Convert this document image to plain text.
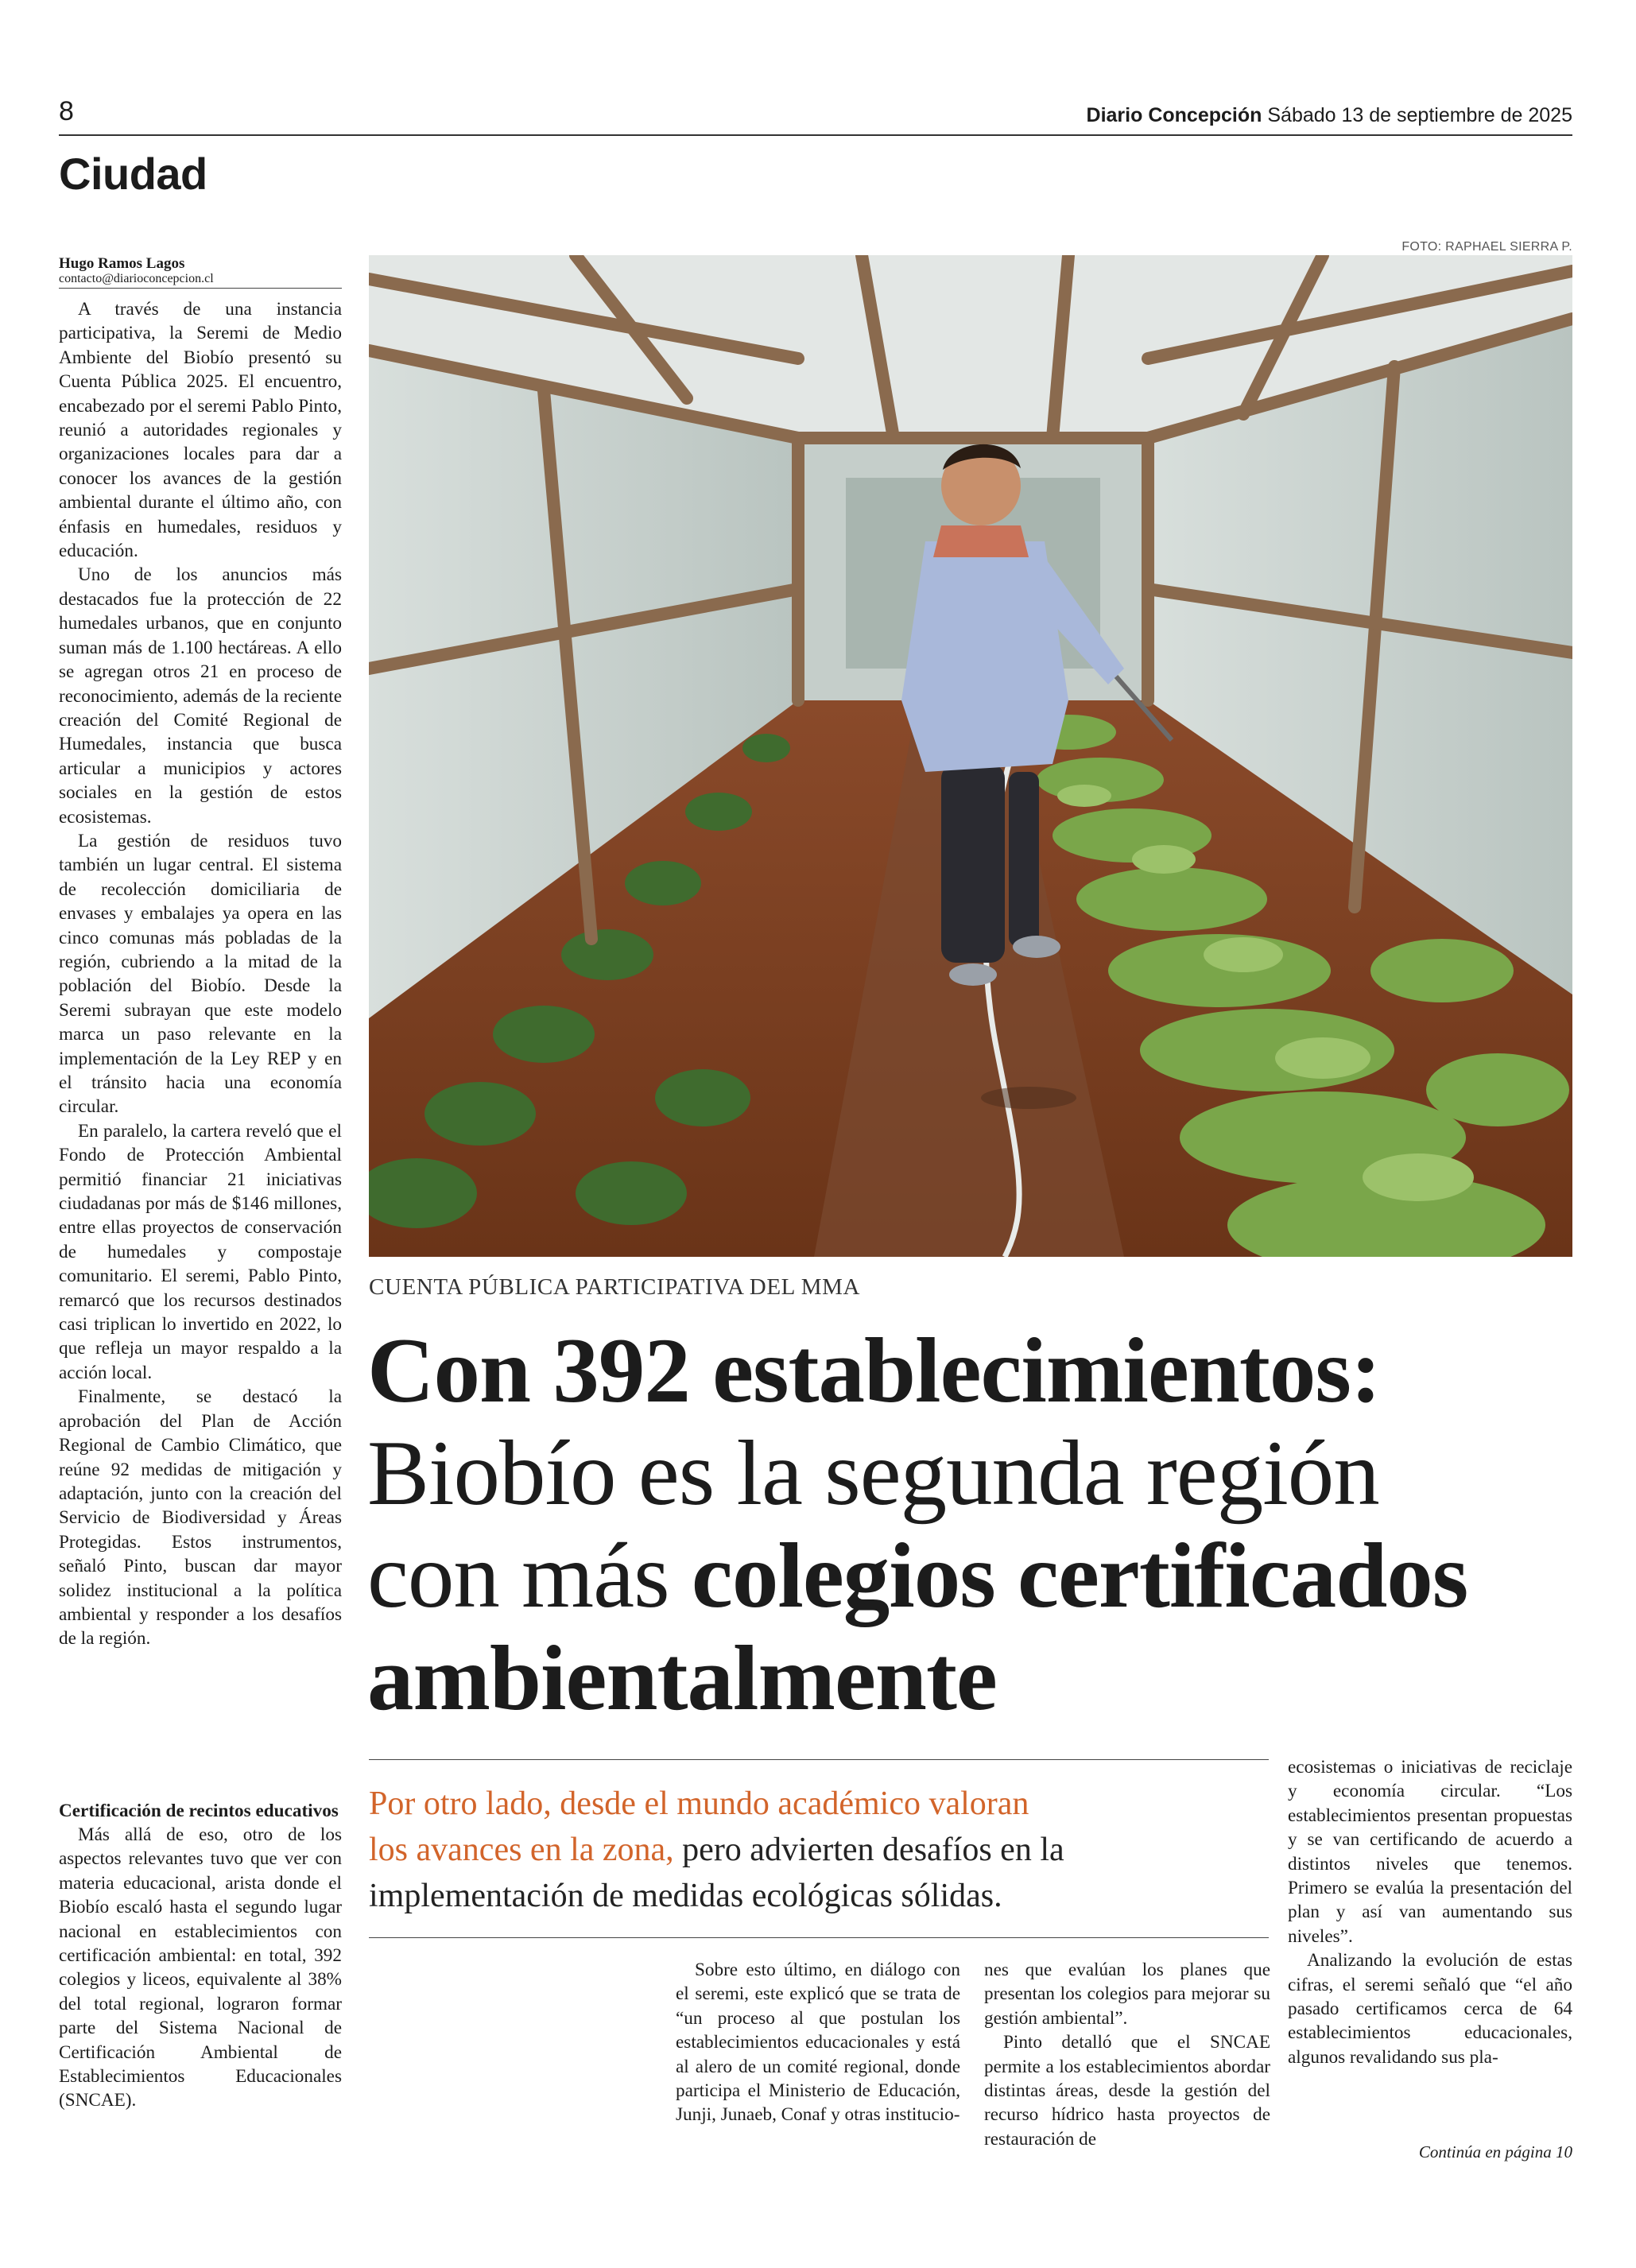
8	Diario Concepción Sábado 13 de septiembre de 2025
Ciudad
Hugo Ramos Lagos
contacto@diarioconcepcion.cl

A través de una instancia participativa, la Seremi de Medio Ambiente del Biobío presentó su Cuenta Pública 2025. El encuentro, encabezado por el seremi Pablo Pinto, reunió a autoridades regionales y organizaciones locales para dar a conocer los avances de la gestión ambiental durante el último año, con énfasis en humedales, residuos y educación.

Uno de los anuncios más destacados fue la protección de 22 humedales urbanos, que en conjunto suman más de 1.100 hectáreas. A ello se agregan otros 21 en proceso de reconocimiento, además de la reciente creación del Comité Regional de Humedales, instancia que busca articular a municipios y actores sociales en la gestión de estos ecosistemas.

La gestión de residuos tuvo también un lugar central. El sistema de recolección domiciliaria de envases y embalajes ya opera en las cinco comunas más pobladas de la región, cubriendo a la mitad de la población del Biobío. Desde la Seremi subrayan que este modelo marca un paso relevante en la implementación de la Ley REP y en el tránsito hacia una economía circular.

En paralelo, la cartera reveló que el Fondo de Protección Ambiental permitió financiar 21 iniciativas ciudadanas por más de $146 millones, entre ellas proyectos de conservación de humedales y compostaje comunitario. El seremi, Pablo Pinto, remarcó que los recursos destinados casi triplican lo invertido en 2022, lo que refleja un mayor respaldo a la acción local.

Finalmente, se destacó la aprobación del Plan de Acción Regional de Cambio Climático, que reúne 92 medidas de mitigación y adaptación, junto con la creación del Servicio de Biodiversidad y Áreas Protegidas. Estos instrumentos, señaló Pinto, buscan dar mayor solidez institucional a la política ambiental y responder a los desafíos de la región.

Certificación de recintos educativos

Más allá de eso, otro de los aspectos relevantes tuvo que ver con materia educacional, arista donde el Biobío escaló hasta el segundo lugar nacional en establecimientos con certificación ambiental: en total, 392 colegios y liceos, equivalente al 38% del total regional, lograron formar parte del Sistema Nacional de Certificación Ambiental de Establecimientos Educacionales (SNCAE).

FOTO: RAPHAEL SIERRA P.
CUENTA PÚBLICA PARTICIPATIVA DEL MMA
Con 392 establecimientos:
Biobío es la segunda región
con más colegios certificados
ambientalmente
Por otro lado, desde el mundo académico valoran
los avances en la zona, pero advierten desafíos en la
implementación de medidas ecológicas sólidas.

Sobre esto último, en diálogo con el seremi, este explicó que se trata de “un proceso al que postulan los establecimientos educacionales y está al alero de un comité regional, donde participa el Ministerio de Educación, Junji, Junaeb, Conaf y otras institucio-

nes que evalúan los planes que presentan los colegios para mejorar su gestión ambiental”.

Pinto detalló que el SNCAE permite a los establecimientos abordar distintas áreas, desde la gestión del recurso hídrico hasta proyectos de restauración de

ecosistemas o iniciativas de reciclaje y economía circular. “Los establecimientos presentan propuestas y se van certificando de acuerdo a distintos niveles que tenemos. Primero se evalúa la presentación del plan y así van aumentando sus niveles”.

Analizando la evolución de estas cifras, el seremi señaló que “el año pasado certificamos cerca de 64 establecimientos educacionales, algunos revalidando sus pla-

Continúa en página 10
